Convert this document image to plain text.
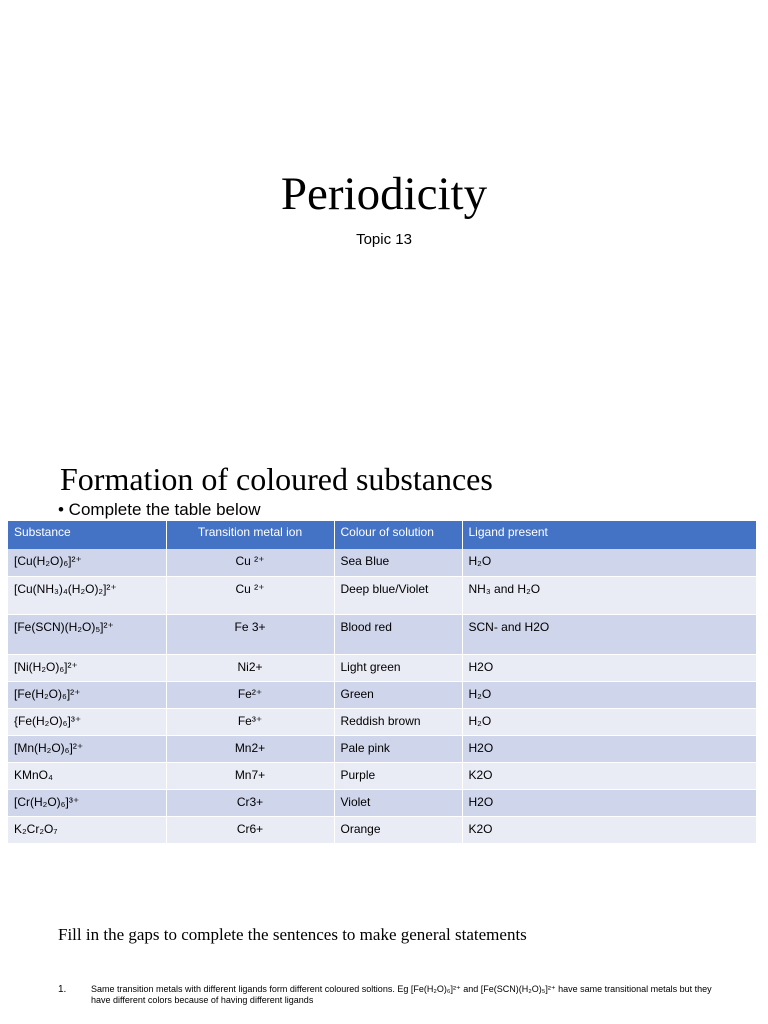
Periodicity
Topic 13
Formation of coloured substances
• Complete the table below
Substance	Transition metal ion	Colour of solution	Ligand present
[Cu(H₂O)₆]²⁺	Cu ²⁺	Sea Blue	H₂O
[Cu(NH₃)₄(H₂O)₂]²⁺	Cu ²⁺	Deep blue/Violet	NH₃ and H₂O
[Fe(SCN)(H₂O)₅]²⁺	Fe 3+	Blood red	SCN- and H2O
[Ni(H₂O)₆]²⁺	Ni2+	Light green	H2O
[Fe(H₂O)₆]²⁺	Fe²⁺	Green	H₂O
{Fe(H₂O)₆]³⁺	Fe³⁺	Reddish brown	H₂O
[Mn(H₂O)₆]²⁺	Mn2+	Pale pink	H2O
KMnO₄	Mn7+	Purple	K2O
[Cr(H₂O)₆]³⁺	Cr3+	Violet	H2O
K₂Cr₂O₇	Cr6+	Orange	K2O
Fill in the gaps to complete the sentences to make general statements
1.	Same transition metals with different ligands form different coloured soltions. Eg [Fe(H₂O)₆]²⁺ and [Fe(SCN)(H₂O)₅]²⁺ have same transitional metals but they have different colors because of having different ligands
